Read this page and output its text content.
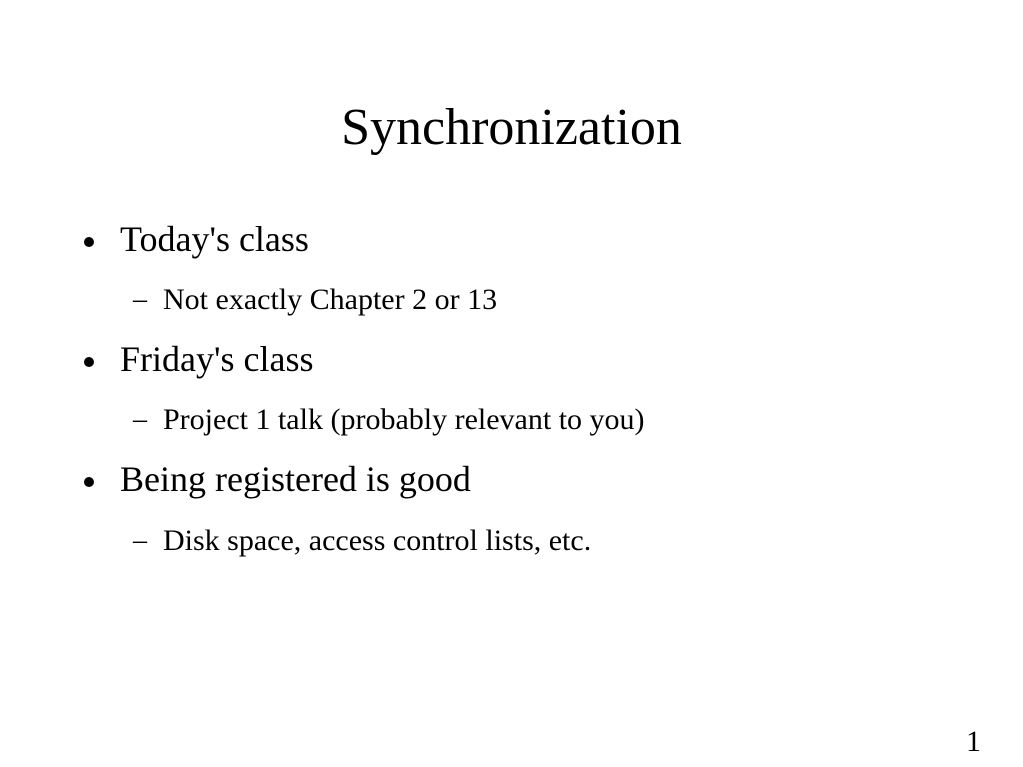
Synchronization
Today's class
– Not exactly Chapter 2 or 13
Friday's class
– Project 1 talk (probably relevant to you)
Being registered is good
– Disk space, access control lists, etc.
1
